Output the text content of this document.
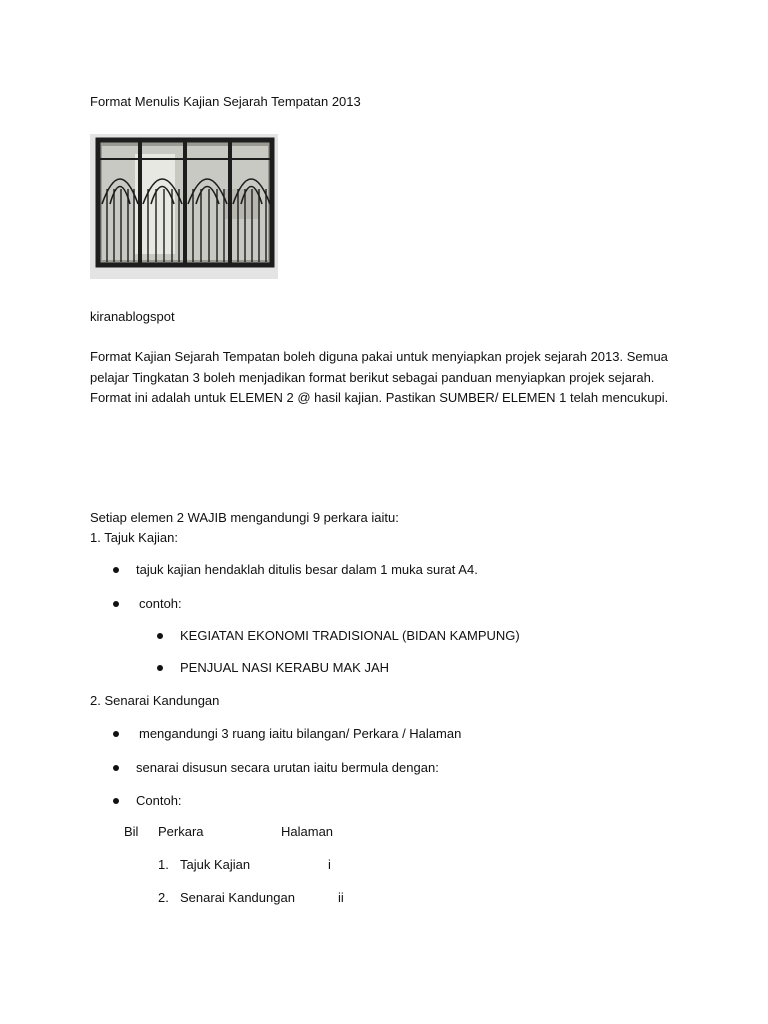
Format Menulis Kajian Sejarah Tempatan 2013
kiranablogspot
Format Kajian Sejarah Tempatan boleh diguna pakai untuk menyiapkan projek sejarah 2013. Semua
pelajar Tingkatan 3 boleh menjadikan format berikut sebagai panduan menyiapkan projek sejarah.
Format ini adalah untuk ELEMEN 2 @ hasil kajian. Pastikan SUMBER/ ELEMEN 1 telah mencukupi.
Setiap elemen 2 WAJIB mengandungi 9 perkara iaitu:
1. Tajuk Kajian:
tajuk kajian hendaklah ditulis besar dalam 1 muka surat A4.
contoh:
KEGIATAN EKONOMI TRADISIONAL (BIDAN KAMPUNG)
PENJUAL NASI KERABU MAK JAH
2. Senarai Kandungan
mengandungi 3 ruang iaitu bilangan/ Perkara / Halaman
senarai disusun secara urutan iaitu bermula dengan:
Contoh:
Bil Perkara	Halaman
1. Tajuk Kajian	i
2. Senarai Kandungan	ii
